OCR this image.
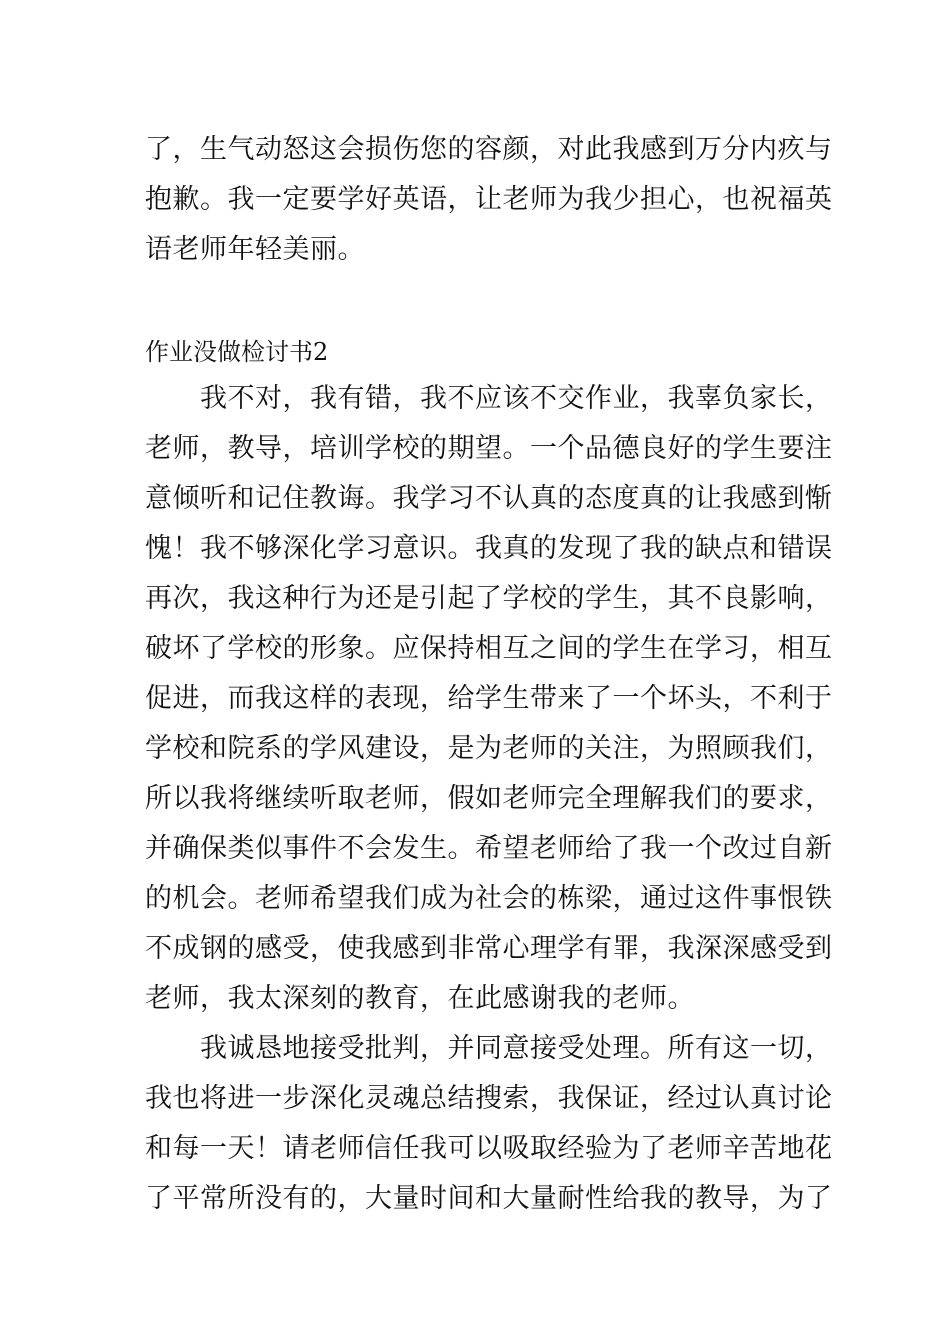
了，生气动怒这会损伤您的容颜，对此我感到万分内疚与
抱歉。我一定要学好英语，让老师为我少担心，也祝福英
语老师年轻美丽。
作业没做检讨书2
我不对，我有错，我不应该不交作业，我辜负家长，
老师，教导，培训学校的期望。一个品德良好的学生要注
意倾听和记住教诲。我学习不认真的态度真的让我感到惭
愧！我不够深化学习意识。我真的发现了我的缺点和错误
再次，我这种行为还是引起了学校的学生，其不良影响，
破坏了学校的形象。应保持相互之间的学生在学习，相互
促进，而我这样的表现，给学生带来了一个坏头，不利于
学校和院系的学风建设，是为老师的关注，为照顾我们，
所以我将继续听取老师，假如老师完全理解我们的要求，
并确保类似事件不会发生。希望老师给了我一个改过自新
的机会。老师希望我们成为社会的栋梁，通过这件事恨铁
不成钢的感受，使我感到非常心理学有罪，我深深感受到
老师，我太深刻的教育，在此感谢我的老师。
我诚恳地接受批判，并同意接受处理。所有这一切，
我也将进一步深化灵魂总结搜索，我保证，经过认真讨论
和每一天！请老师信任我可以吸取经验为了老师辛苦地花
了平常所没有的，大量时间和大量耐性给我的教导，为了
